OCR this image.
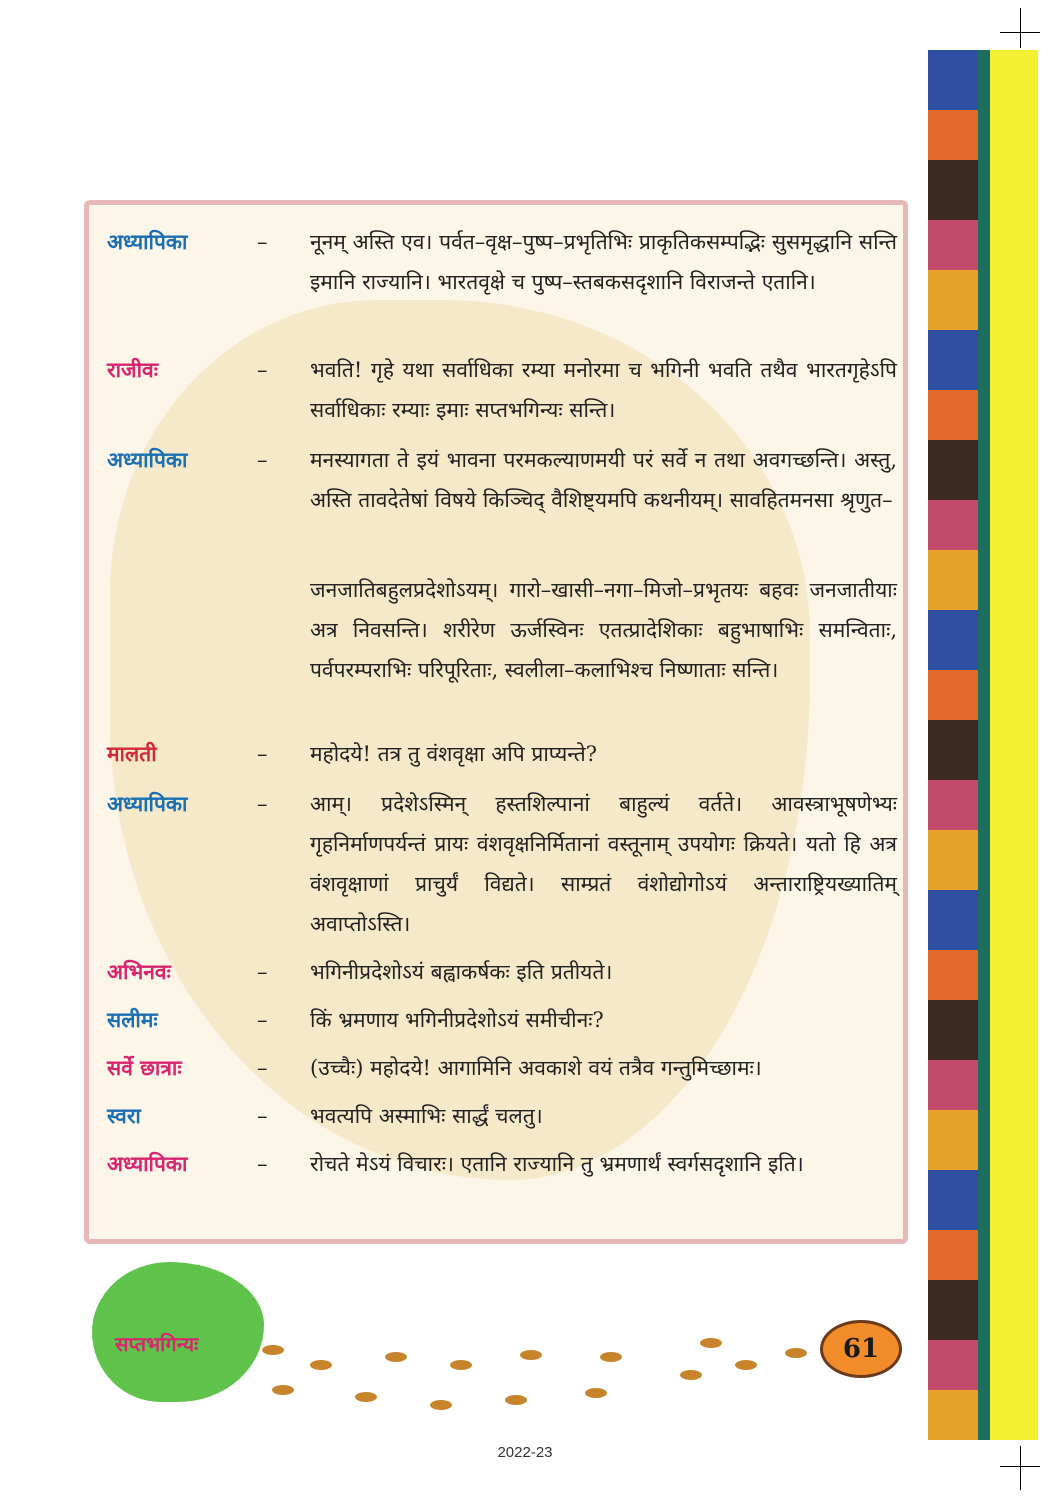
अध्यापिका	–	नूनम् अस्ति एव। पर्वत–वृक्ष–पुष्प–प्रभृतिभिः प्राकृतिकसम्पद्भिः सुसमृद्धानि सन्ति इमानि राज्यानि। भारतवृक्षे च पुष्प–स्तबकसदृशानि विराजन्ते एतानि।
राजीवः	–	भवति! गृहे यथा सर्वाधिका रम्या मनोरमा च भगिनी भवति तथैव भारतगृहेऽपि सर्वाधिकाः रम्याः इमाः सप्तभगिन्यः सन्ति।
अध्यापिका	–	मनस्यागता ते इयं भावना परमकल्याणमयी परं सर्वे न तथा अवगच्छन्ति। अस्तु, अस्ति तावदेतेषां विषये किञ्चिद् वैशिष्ट्यमपि कथनीयम्। सावहितमनसा श्रृणुत–
जनजातिबहुलप्रदेशोऽयम्। गारो–खासी–नगा–मिजो–प्रभृतयः बहवः जनजातीयाः अत्र निवसन्ति। शरीरेण ऊर्जस्विनः एतत्प्रादेशिकाः बहुभाषाभिः समन्विताः, पर्वपरम्पराभिः परिपूरिताः, स्वलीला–कलाभिश्च निष्णाताः सन्ति।
मालती	–	महोदये! तत्र तु वंशवृक्षा अपि प्राप्यन्ते?
अध्यापिका	–	आम्। प्रदेशेऽस्मिन् हस्तशिल्पानां बाहुल्यं वर्तते। आवस्त्राभूषणेभ्यः गृहनिर्माणपर्यन्तं प्रायः वंशवृक्षनिर्मितानां वस्तूनाम् उपयोगः क्रियते। यतो हि अत्र वंशवृक्षाणां प्राचुर्यं विद्यते। साम्प्रतं वंशोद्योगोऽयं अन्ताराष्ट्रियख्यातिम् अवाप्तोऽस्ति।
अभिनवः	–	भगिनीप्रदेशोऽयं बह्वाकर्षकः इति प्रतीयते।
सलीमः	–	किं भ्रमणाय भगिनीप्रदेशोऽयं समीचीनः?
सर्वे छात्राः	–	(उच्चैः) महोदये! आगामिनि अवकाशे वयं तत्रैव गन्तुमिच्छामः।
स्वरा	–	भवत्यपि अस्माभिः सार्द्धं चलतु।
अध्यापिका	–	रोचते मेऽयं विचारः। एतानि राज्यानि तु भ्रमणार्थं स्वर्गसदृशानि इति।
सप्तभगिन्यः	61
2022-23
